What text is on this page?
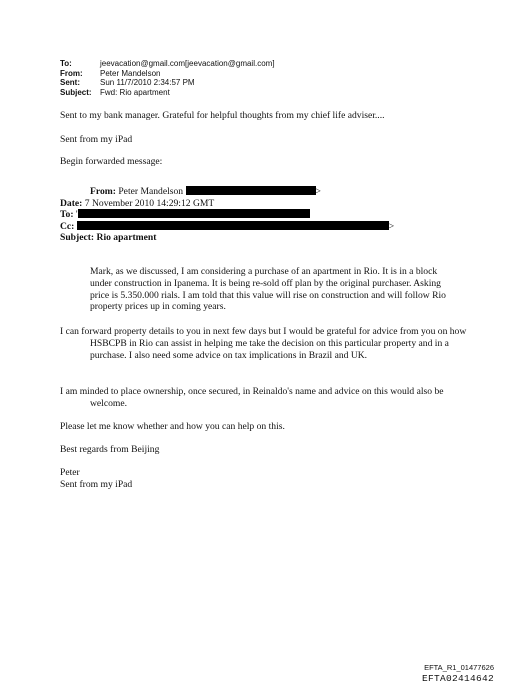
To:	jeevacation@gmail.com[jeevacation@gmail.com]
From:	Peter Mandelson
Sent:	Sun 11/7/2010 2:34:57 PM
Subject:	Fwd: Rio apartment
Sent to my bank manager. Grateful for helpful thoughts from my chief life adviser....
Sent from my iPad
Begin forwarded message:
From: Peter Mandelson	>
Date: 7 November 2010 14:29:12 GMT
To:
Cc:	>
Subject: Rio apartment
Mark, as we discussed, I am considering a purchase of an apartment in Rio. It is in a block under construction in Ipanema. It is being re-sold off plan by the original purchaser. Asking price is 5.350.000 rials. I am told that this value will rise on construction and will follow Rio property prices up in coming years.
I can forward property details to you in next few days but I would be grateful for advice from you on how HSBCPB in Rio can assist in helping me take the decision on this particular property and in a purchase. I also need some advice on tax implications in Brazil and UK.
I am minded to place ownership, once secured, in Reinaldo's name and advice on this would also be welcome.
Please let me know whether and how you can help on this.
Best regards from Beijing
Peter
Sent from my iPad
EFTA_R1_01477626
EFTA02414642
